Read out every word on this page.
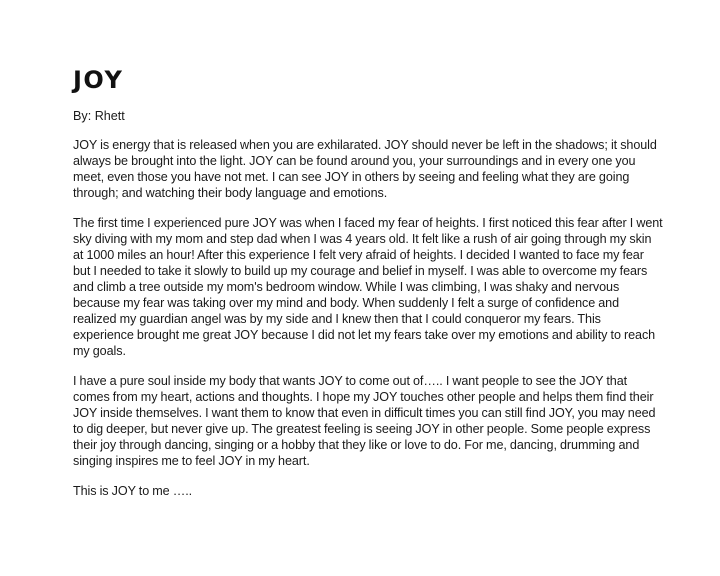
JOY

By: Rhett

JOY is energy that is released when you are exhilarated. JOY should never be left in the shadows; it should always be brought into the light. JOY can be found around you, your surroundings and in every one you meet, even those you have not met. I can see JOY in others by seeing and feeling what they are going through; and watching their body language and emotions.

The first time I experienced pure JOY was when I faced my fear of heights. I first noticed this fear after I went sky diving with my mom and step dad when I was 4 years old. It felt like a rush of air going through my skin at 1000 miles an hour! After this experience I felt very afraid of heights. I decided I wanted to face my fear but I needed to take it slowly to build up my courage and belief in myself. I was able to overcome my fears and climb a tree outside my mom's bedroom window. While I was climbing, I was shaky and nervous because my fear was taking over my mind and body. When suddenly I felt a surge of confidence and realized my guardian angel was by my side and I knew then that I could conqueror my fears. This experience brought me great JOY because I did not let my fears take over my emotions and ability to reach my goals.

I have a pure soul inside my body that wants JOY to come out of….. I want people to see the JOY that comes from my heart, actions and thoughts. I hope my JOY touches other people and helps them find their JOY inside themselves. I want them to know that even in difficult times you can still find JOY, you may need to dig deeper, but never give up. The greatest feeling is seeing JOY in other people. Some people express their joy through dancing, singing or a hobby that they like or love to do. For me, dancing, drumming and singing inspires me to feel JOY in my heart.

This is JOY to me …..
